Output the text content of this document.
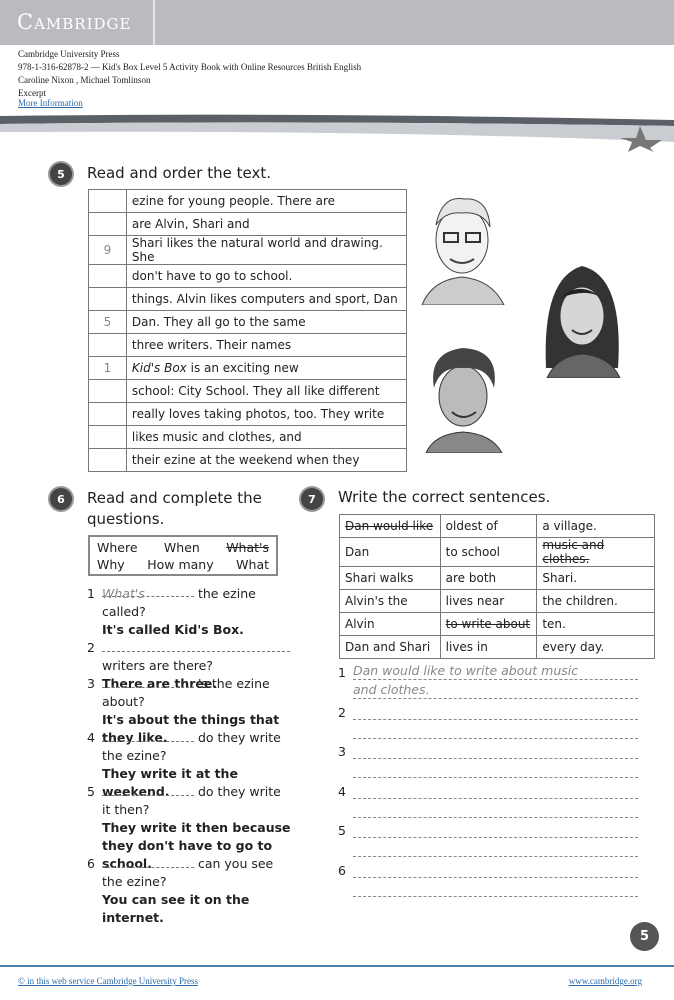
Cambridge
Cambridge University Press
978-1-316-62878-2 — Kid's Box Level 5 Activity Book with Online Resources British English
Caroline Nixon , Michael Tomlinson
Excerpt
More Information
5	Read and order the text.
	ezine for young people. There are
	are Alvin, Shari and
9	Shari likes the natural world and drawing. She
	don't have to go to school.
	things. Alvin likes computers and sport, Dan
5	Dan. They all go to the same
	three writers. Their names
1	Kid's Box is an exciting new
	school: City School. They all like different
	really loves taking photos, too. They write
	likes music and clothes, and
	their ezine at the weekend when they
6	Read and complete the questions.
Where When What's
Why How many What
1 What's	the ezine called?
It's called Kid's Box.
2
writers are there?
There are three.
3	's the ezine about?
It's about the things that they like.
4	do they write the ezine?
They write it at the weekend.
5	do they write it then?
They write it then because they don't have to go to school.
6	can you see the ezine?
You can see it on the internet.
7	Write the correct sentences.
Dan would like	oldest of	a village.
Dan	to school	music and clothes.
Shari walks	are both	Shari.
Alvin's the	lives near	the children.
Alvin	to write about	ten.
Dan and Shari	lives in	every day.
1 Dan would like to write about music
and clothes.
2
3
4
5
6
5
© in this web service Cambridge University Press	www.cambridge.org
